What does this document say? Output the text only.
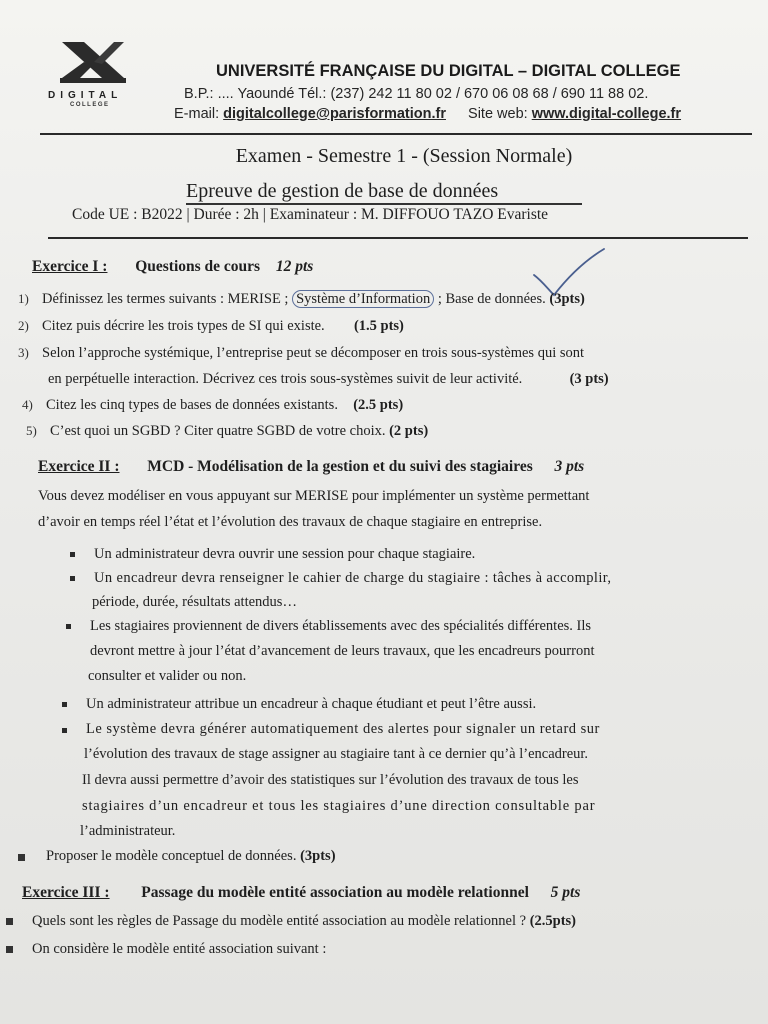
DIGITAL
COLLEGE
UNIVERSITÉ FRANÇAISE DU DIGITAL – DIGITAL COLLEGE
B.P.: .... Yaoundé Tél.: (237) 242 11 80 02 / 670 06 08 68 / 690 11 88 02.
E-mail: digitalcollege@parisformation.fr Site web: www.digital-college.fr
Examen - Semestre 1 - (Session Normale)
Epreuve de gestion de base de données
Code UE : B2022 | Durée : 2h | Examinateur : M. DIFFOUO TAZO Evariste
Exercice I : Questions de cours 12 pts
1) Définissez les termes suivants : MERISE ; Système d’Information ; Base de données. (3pts)
2) Citez puis décrire les trois types de SI qui existe. (1.5 pts)
3) Selon l’approche systémique, l’entreprise peut se décomposer en trois sous-systèmes qui sont
en perpétuelle interaction. Décrivez ces trois sous-systèmes suivit de leur activité.	(3 pts)
4) Citez les cinq types de bases de données existants. (2.5 pts)
5) C’est quoi un SGBD ? Citer quatre SGBD de votre choix. (2 pts)
Exercice II : MCD - Modélisation de la gestion et du suivi des stagiaires 3 pts
Vous devez modéliser en vous appuyant sur MERISE pour implémenter un système permettant
d’avoir en temps réel l’état et l’évolution des travaux de chaque stagiaire en entreprise.
Un administrateur devra ouvrir une session pour chaque stagiaire.
Un encadreur devra renseigner le cahier de charge du stagiaire : tâches à accomplir,
période, durée, résultats attendus…
Les stagiaires proviennent de divers établissements avec des spécialités différentes. Ils
devront mettre à jour l’état d’avancement de leurs travaux, que les encadreurs pourront
consulter et valider ou non.
Un administrateur attribue un encadreur à chaque étudiant et peut l’être aussi.
Le système devra générer automatiquement des alertes pour signaler un retard sur
l’évolution des travaux de stage assigner au stagiaire tant à ce dernier qu’à l’encadreur.
Il devra aussi permettre d’avoir des statistiques sur l’évolution des travaux de tous les
stagiaires d’un encadreur et tous les stagiaires d’une direction consultable par
l’administrateur.
Proposer le modèle conceptuel de données. (3pts)
Exercice III : Passage du modèle entité association au modèle relationnel 5 pts
Quels sont les règles de Passage du modèle entité association au modèle relationnel ? (2.5pts)
On considère le modèle entité association suivant :
